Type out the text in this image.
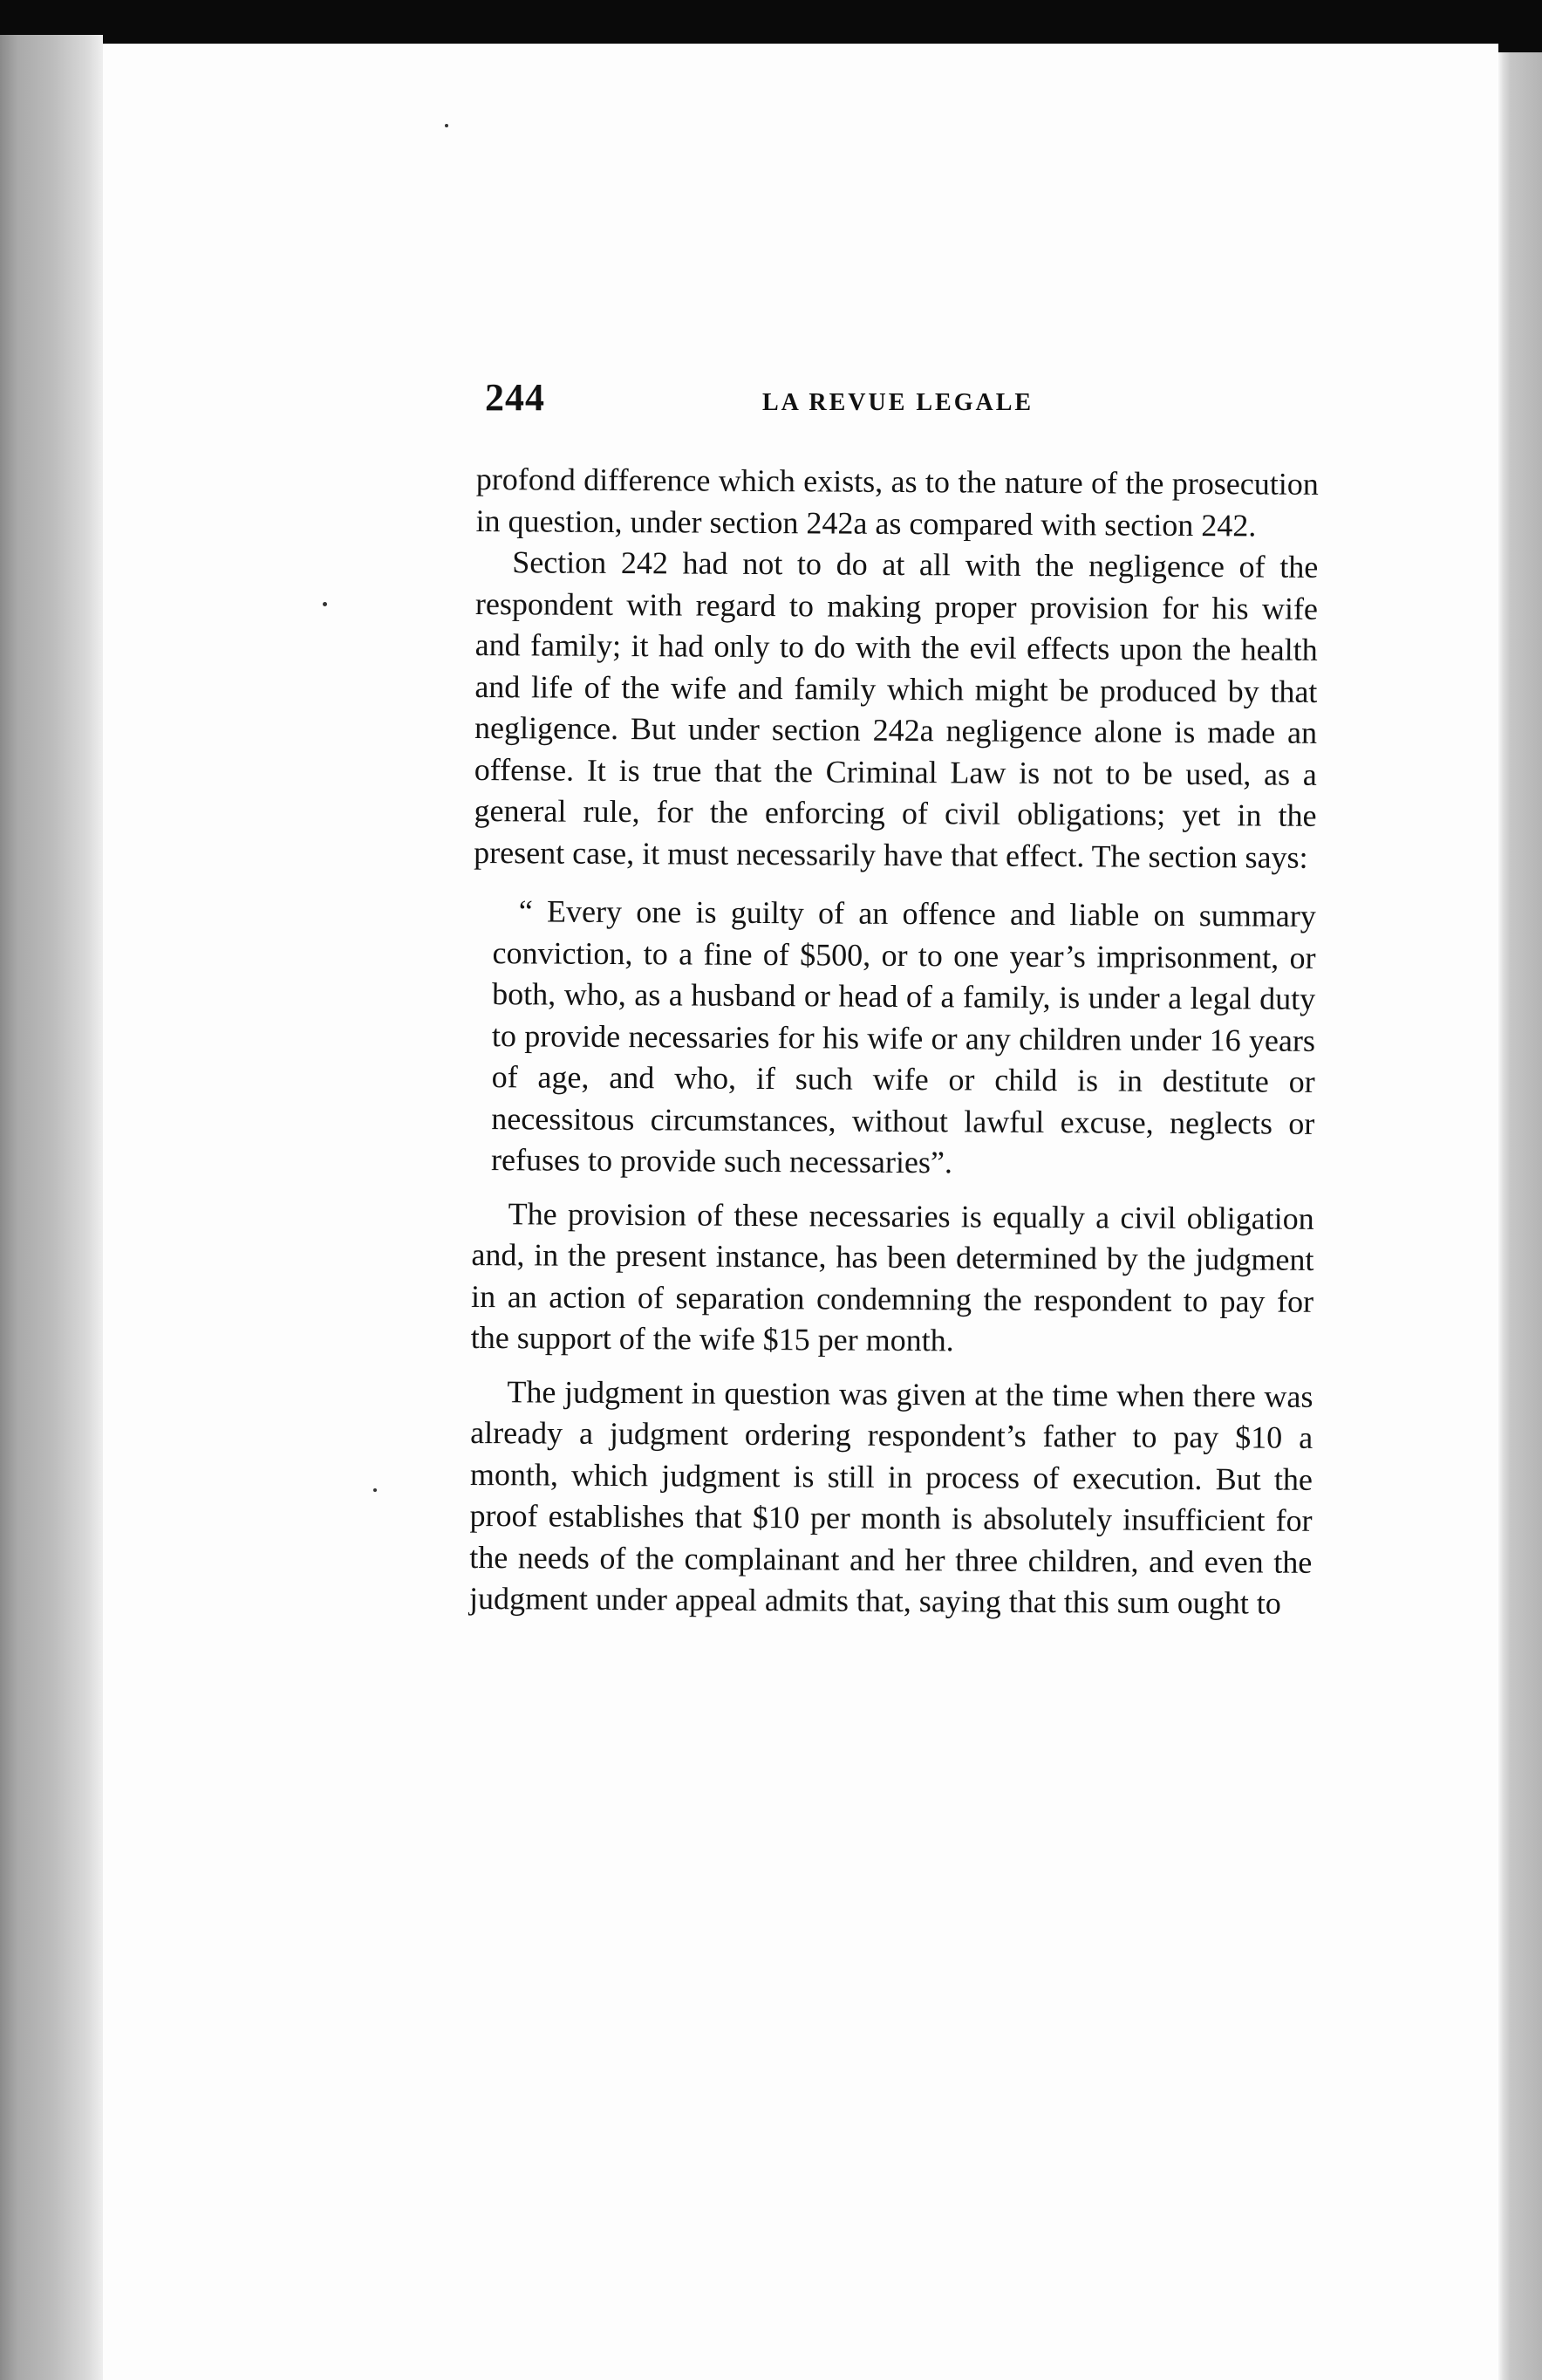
244	LA REVUE LEGALE

profond difference which exists, as to the nature of the prosecution in question, under section 242a as compared with section 242.

Section 242 had not to do at all with the negligence of the respondent with regard to making proper provision for his wife and family; it had only to do with the evil effects upon the health and life of the wife and family which might be produced by that negligence. But under section 242a negligence alone is made an offense. It is true that the Criminal Law is not to be used, as a general rule, for the enforcing of civil obligations; yet in the present case, it must necessarily have that effect. The section says:

“ Every one is guilty of an offence and liable on summary conviction, to a fine of $500, or to one year’s imprisonment, or both, who, as a husband or head of a family, is under a legal duty to provide necessaries for his wife or any children under 16 years of age, and who, if such wife or child is in destitute or necessitous circumstances, without lawful excuse, neglects or refuses to provide such necessaries”.

The provision of these necessaries is equally a civil obligation and, in the present instance, has been determined by the judgment in an action of separation condemning the respondent to pay for the support of the wife $15 per month.

The judgment in question was given at the time when there was already a judgment ordering respondent’s father to pay $10 a month, which judgment is still in process of execution. But the proof establishes that $10 per month is absolutely insufficient for the needs of the complainant and her three children, and even the judgment under appeal admits that, saying that this sum ought to
